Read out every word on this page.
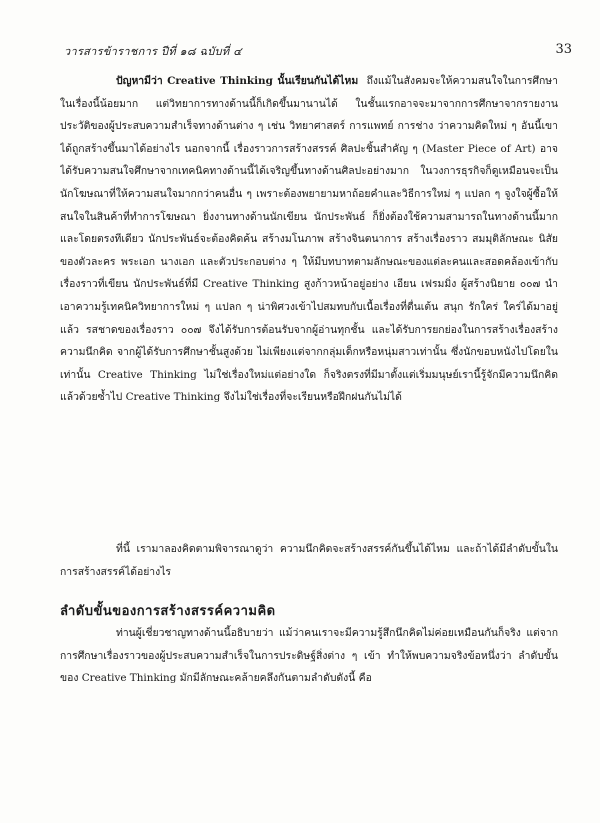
วารสารข้าราชการ ปีที่ ๑๘ ฉบับที่ ๔	33
ปัญหามีว่า Creative Thinking นั้นเรียนกันได้ไหม ถึงแม้ในสังคมจะให้ความสนใจในการศึกษาในเรื่องนี้น้อยมาก แต่วิทยาการทางด้านนี้ก็เกิดขึ้นมานานได้ ในชั้นแรกอาจจะมาจากการศึกษาจากรายงานประวัติของผู้ประสบความสำเร็จทางด้านต่าง ๆ เช่น วิทยาศาสตร์ การแพทย์ การช่าง ว่าความคิดใหม่ ๆ อันนี้เขาได้ถูกสร้างขึ้นมาได้อย่างไร นอกจากนี้ เรื่องราวการสร้างสรรค์ ศิลปะชิ้นสำคัญ ๆ (Master Piece of Art) อาจได้รับความสนใจศึกษาจากเทคนิคทางด้านนี้ได้เจริญขึ้นทางด้านศิลปะอย่างมาก ในวงการธุรกิจก็ดูเหมือนจะเป็นนักโฆษณาที่ให้ความสนใจมากกว่าคนอื่น ๆ เพราะต้องพยายามหาถ้อยคำและวิธีการใหม่ ๆ แปลก ๆ จูงใจผู้ซื้อให้สนใจในสินค้าที่ทำการโฆษณา ยิ่งงานทางด้านนักเขียน นักประพันธ์ ก็ยิ่งต้องใช้ความสามารถในทางด้านนี้มากและโดยตรงทีเดียว นักประพันธ์จะต้องคิดค้น สร้างมโนภาพ สร้างจินตนาการ สร้างเรื่องราว สมมุติลักษณะ นิสัยของตัวละคร พระเอก นางเอก และตัวประกอบต่าง ๆ ให้มีบทบาทตามลักษณะของแต่ละคนและสอดคล้องเข้ากับเรื่องราวที่เขียน นักประพันธ์ที่มี Creative Thinking สูงก้าวหน้าอยู่อย่าง เอียน เฟรมมิ่ง ผู้สร้างนิยาย ๐๐๗ นำเอาความรู้เทคนิควิทยาการใหม่ ๆ แปลก ๆ น่าพิศวงเข้าไปสมทบกับเนื้อเรื่องที่ตื่นเต้น สนุก รักใคร่ ใคร่ได้มาอยู่แล้ว รสชาดของเรื่องราว ๐๐๗ จึงได้รับการต้อนรับจากผู้อ่านทุกชั้น และได้รับการยกย่องในการสร้างเรื่องสร้างความนึกคิด จากผู้ได้รับการศึกษาชั้นสูงด้วย ไม่เพียงแต่จากกลุ่มเด็กหรือหนุ่มสาวเท่านั้น ซึ่งนักขอบหนังไปโดยในเท่านั้น Creative Thinking ไม่ใช่เรื่องใหม่แต่อย่างใด ก็จริงตรงที่มีมาตั้งแต่เริ่มมนุษย์เรานี้รู้จักมีความนึกคิดแล้วด้วยซ้ำไป Creative Thinking จึงไม่ใช่เรื่องที่จะเรียนหรือฝึกฝนกันไม่ได้
ที่นี้ เรามาลองคิดตามพิจารณาดูว่า ความนึกคิดจะสร้างสรรค์กันขึ้นได้ไหม และถ้าได้มีลำดับขั้นในการสร้างสรรค์ได้อย่างไร
ลำดับขั้นของการสร้างสรรค์ความคิด
ท่านผู้เชี่ยวชาญทางด้านนี้อธิบายว่า แม้ว่าคนเราจะมีความรู้สึกนึกคิดไม่ค่อยเหมือนกันก็จริง แต่จากการศึกษาเรื่องราวของผู้ประสบความสำเร็จในการประดิษฐ์สิ่งต่าง ๆ เข้า ทำให้พบความจริงข้อหนึ่งว่า ลำดับขั้นของ Creative Thinking มักมีลักษณะคล้ายคลึงกันตามลำดับดังนี้ คือ
